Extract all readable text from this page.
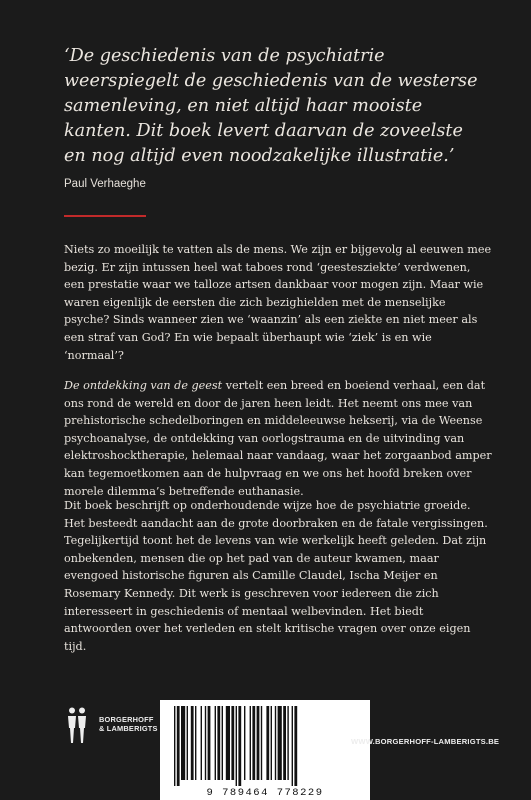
‘De geschiedenis van de psychiatrie weerspiegelt de geschiedenis van de westerse samenleving, en niet altijd haar mooiste kanten. Dit boek levert daarvan de zoveelste en nog altijd even noodzakelijke illustratie.’

Paul Verhaeghe

Niets zo moeilijk te vatten als de mens. We zijn er bijgevolg al eeuwen mee bezig. Er zijn intussen heel wat taboes rond ‘geestesziekte’ verdwenen, een prestatie waar we talloze artsen dankbaar voor mogen zijn. Maar wie waren eigenlijk de eersten die zich bezighielden met de menselijke psyche? Sinds wanneer zien we ‘waanzin’ als een ziekte en niet meer als een straf van God? En wie bepaalt überhaupt wie ‘ziek’ is en wie ‘normaal’?

De ontdekking van de geest vertelt een breed en boeiend verhaal, een dat ons rond de wereld en door de jaren heen leidt. Het neemt ons mee van prehistorische schedelboringen en middeleeuwse hekserij, via de Weense psychoanalyse, de ontdekking van oorlogstrauma en de uitvinding van elektroshocktherapie, helemaal naar vandaag, waar het zorgaanbod amper kan tegemoetkomen aan de hulpvraag en we ons het hoofd breken over morele dilemma’s betreffende euthanasie.

Dit boek beschrijft op onderhoudende wijze hoe de psychiatrie groeide. Het besteedt aandacht aan de grote doorbraken en de fatale vergissingen. Tegelijkertijd toont het de levens van wie werkelijk heeft geleden. Dat zijn onbekenden, mensen die op het pad van de auteur kwamen, maar evengoed historische figuren als Camille Claudel, Ischa Meijer en Rosemary Kennedy. Dit werk is geschreven voor iedereen die zich interesseert in geschiedenis of mentaal welbevinden. Het biedt antwoorden over het verleden en stelt kritische vragen over onze eigen tijd.

BORGERHOFF
& LAMBERIGTS
9 789464 778229
WWW.BORGERHOFF-LAMBERIGTS.BE
